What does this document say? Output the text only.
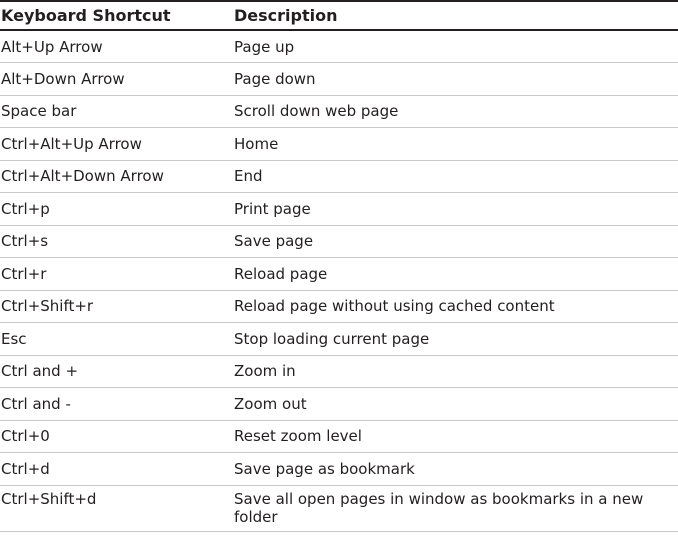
Keyboard Shortcut	Description
Alt+Up Arrow	Page up
Alt+Down Arrow	Page down
Space bar	Scroll down web page
Ctrl+Alt+Up Arrow	Home
Ctrl+Alt+Down Arrow	End
Ctrl+p	Print page
Ctrl+s	Save page
Ctrl+r	Reload page
Ctrl+Shift+r	Reload page without using cached content
Esc	Stop loading current page
Ctrl and +	Zoom in
Ctrl and -	Zoom out
Ctrl+0	Reset zoom level
Ctrl+d	Save page as bookmark
Ctrl+Shift+d	Save all open pages in window as bookmarks in a new folder
